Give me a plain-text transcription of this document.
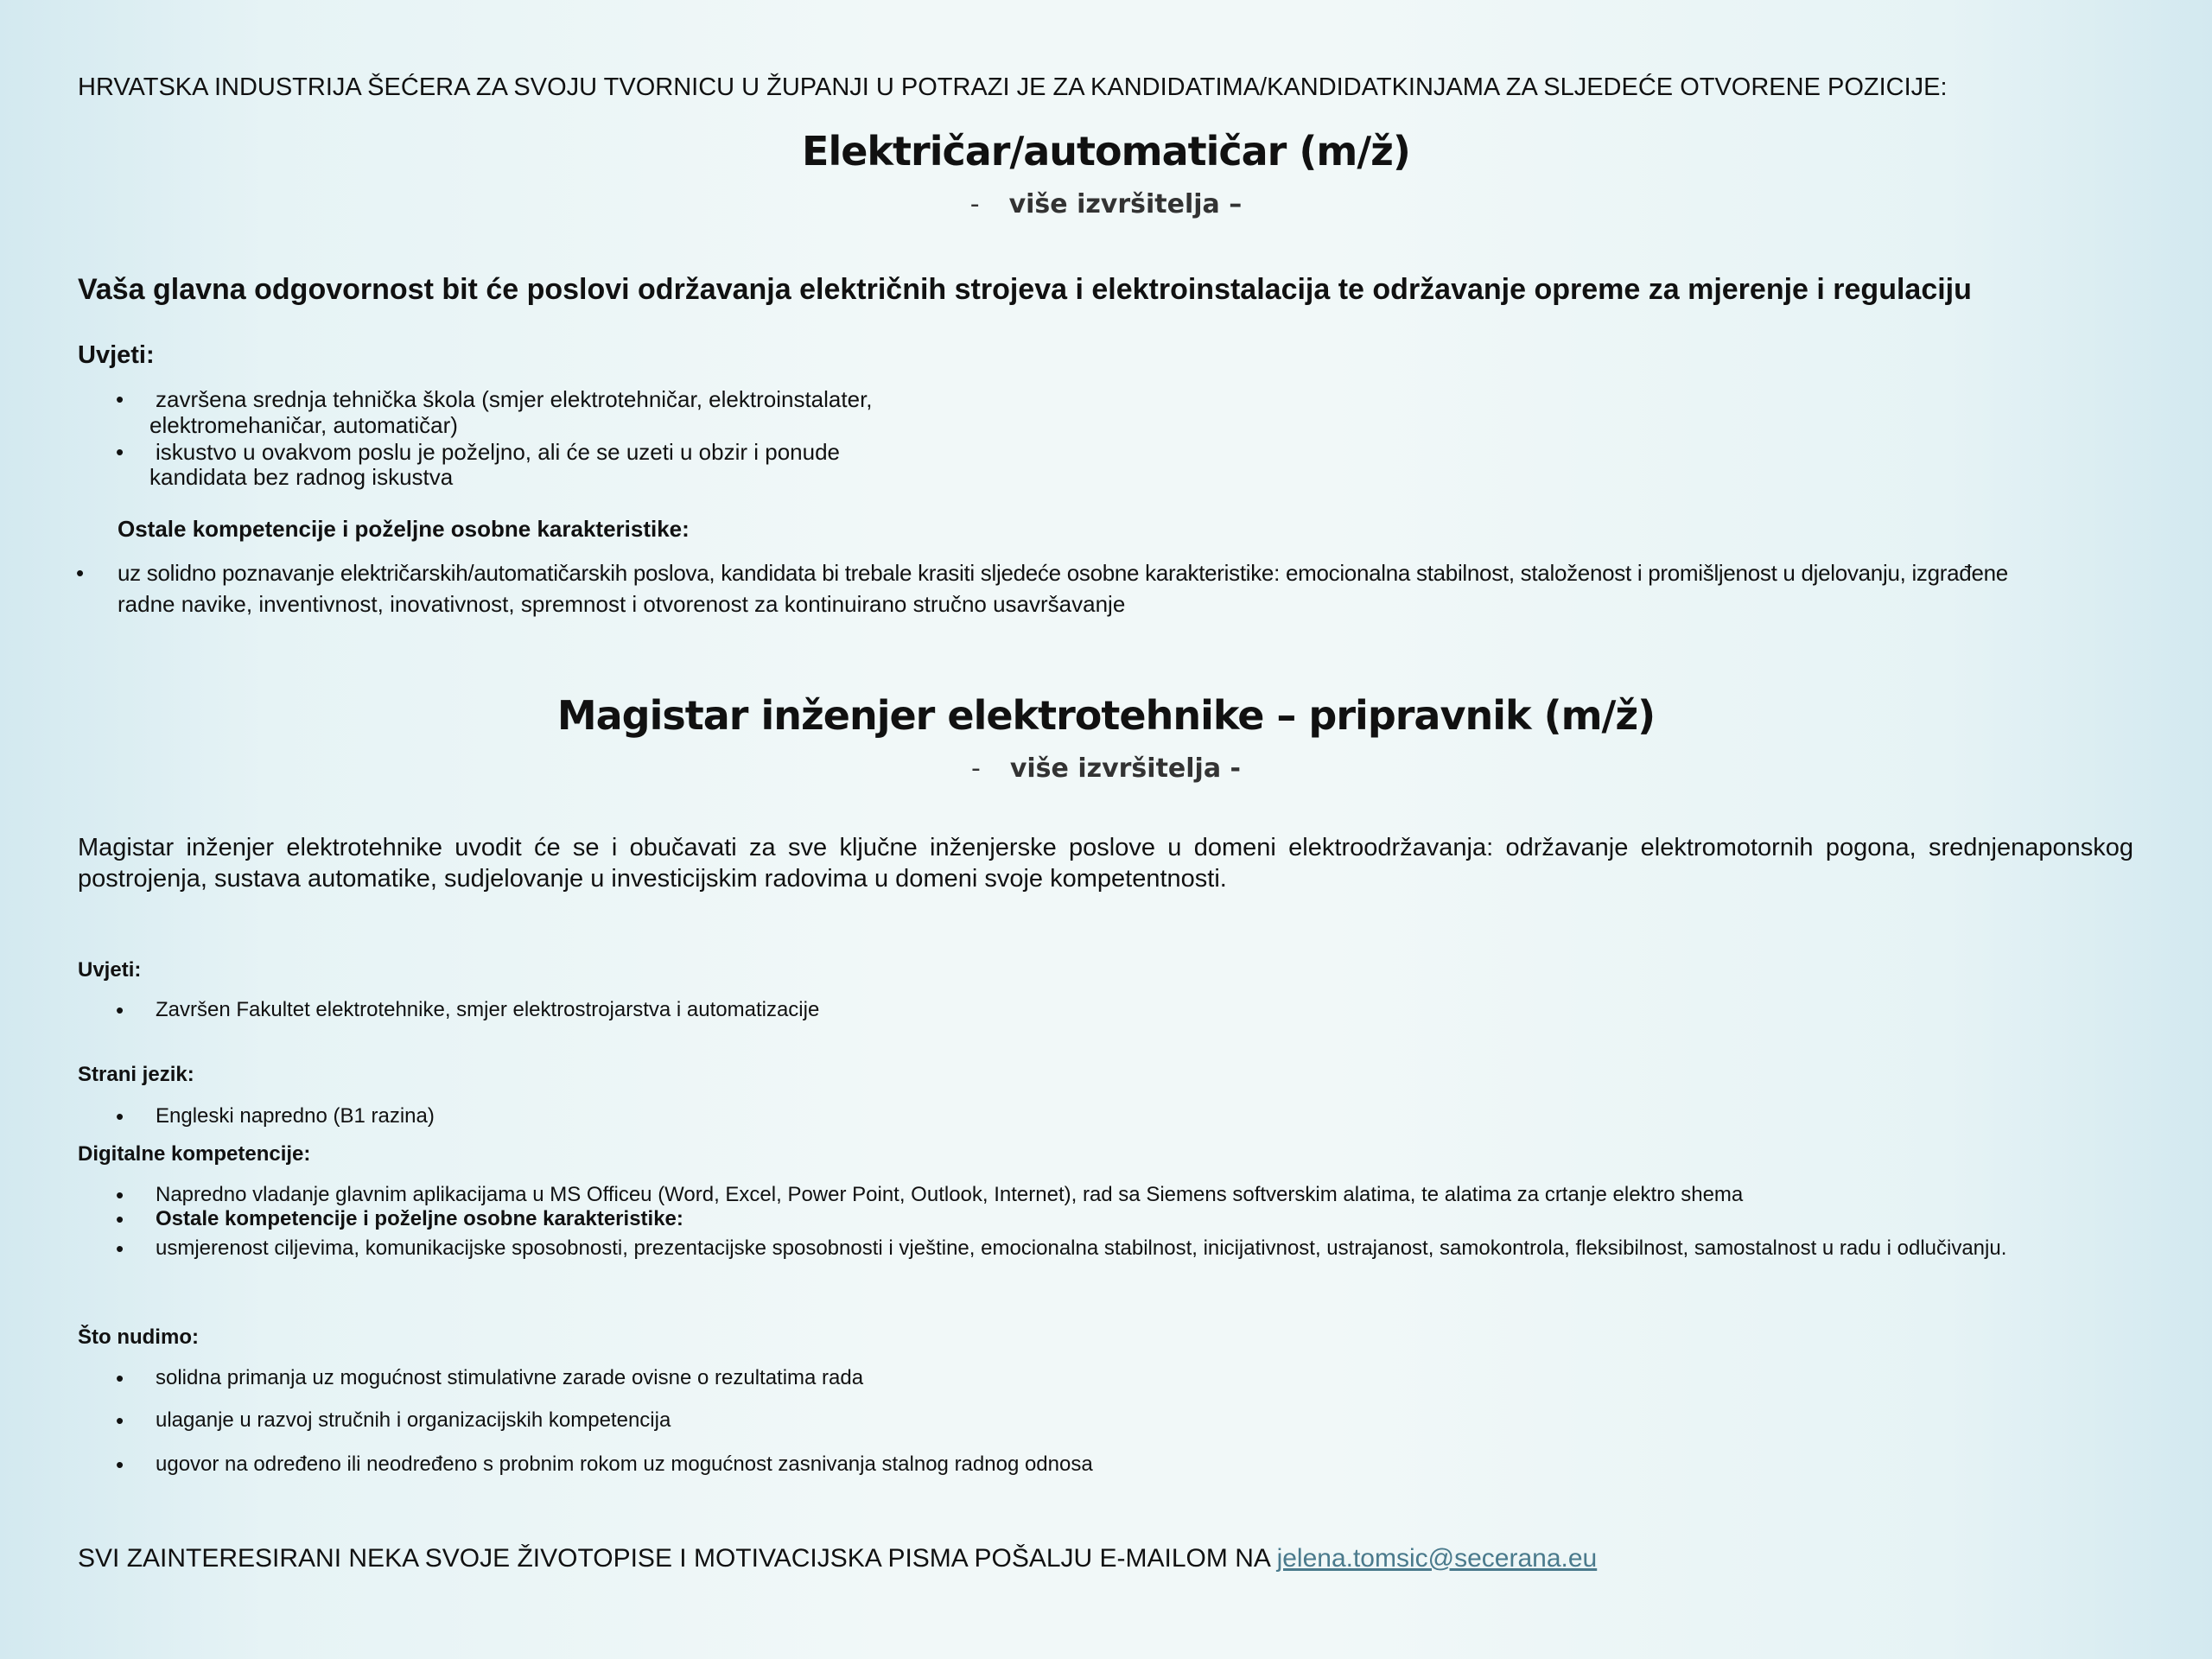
HRVATSKA INDUSTRIJA ŠEĆERA ZA SVOJU TVORNICU U ŽUPANJI U POTRAZI JE ZA KANDIDATIMA/KANDIDATKINJAMA ZA SLJEDEĆE OTVORENE POZICIJE:
Električar/automatičar (m/ž)
- više izvršitelja –
Vaša glavna odgovornost bit će poslovi održavanja električnih strojeva i elektroinstalacija te održavanje opreme za mjerenje i regulaciju
Uvjeti:
• završena srednja tehnička škola (smjer elektrotehničar, elektroinstalater,
elektromehaničar, automatičar)
• iskustvo u ovakvom poslu je poželjno, ali će se uzeti u obzir i ponude
kandidata bez radnog iskustva
Ostale kompetencije i poželjne osobne karakteristike:
• uz solidno poznavanje električarskih/automatičarskih poslova, kandidata bi trebale krasiti sljedeće osobne karakteristike: emocionalna stabilnost, staloženost i promišljenost u djelovanju, izgrađene
radne navike, inventivnost, inovativnost, spremnost i otvorenost za kontinuirano stručno usavršavanje
Magistar inženjer elektrotehnike – pripravnik (m/ž)
- više izvršitelja -
Magistar inženjer elektrotehnike uvodit će se i obučavati za sve ključne inženjerske poslove u domeni elektroodržavanja: održavanje elektromotornih pogona, srednjenaponskog
postrojenja, sustava automatike, sudjelovanje u investicijskim radovima u domeni svoje kompetentnosti.
Uvjeti:
• Završen Fakultet elektrotehnike, smjer elektrostrojarstva i automatizacije
Strani jezik:
• Engleski napredno (B1 razina)
Digitalne kompetencije:
• Napredno vladanje glavnim aplikacijama u MS Officeu (Word, Excel, Power Point, Outlook, Internet), rad sa Siemens softverskim alatima, te alatima za crtanje elektro shema
• Ostale kompetencije i poželjne osobne karakteristike:
• usmjerenost ciljevima, komunikacijske sposobnosti, prezentacijske sposobnosti i vještine, emocionalna stabilnost, inicijativnost, ustrajanost, samokontrola, fleksibilnost, samostalnost u radu i odlučivanju.
Što nudimo:
• solidna primanja uz mogućnost stimulativne zarade ovisne o rezultatima rada
• ulaganje u razvoj stručnih i organizacijskih kompetencija
• ugovor na određeno ili neodređeno s probnim rokom uz mogućnost zasnivanja stalnog radnog odnosa
SVI ZAINTERESIRANI NEKA SVOJE ŽIVOTOPISE I MOTIVACIJSKA PISMA POŠALJU E-MAILOM NA jelena.tomsic@secerana.eu
